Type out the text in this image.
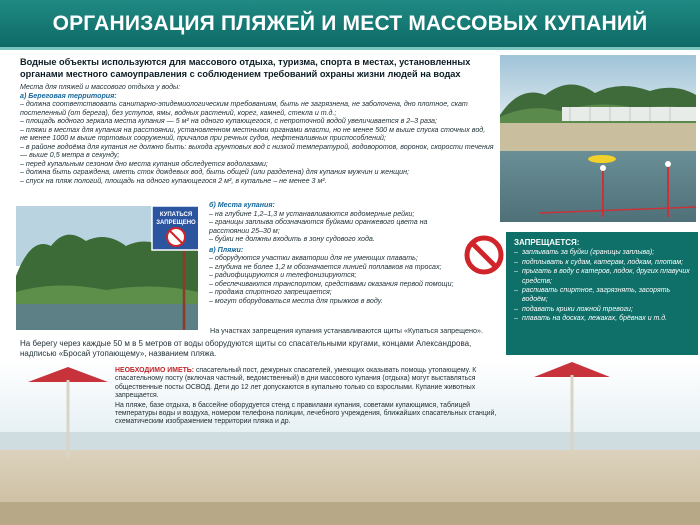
ОРГАНИЗАЦИЯ ПЛЯЖЕЙ И МЕСТ МАССОВЫХ КУПАНИЙ
Водные объекты используются для массового отдыха, туризма, спорта в местах, установленных органами местного самоуправления с соблюдением требований охраны жизни людей на водах

Места для пляжей и массового отдыха у воды:

а) Береговая территория:

– должна соответствовать санитарно-эпидемиологическим требованиям, быть не загрязнена, не заболочена, дно плотное, скат постепенный (от берега), без уступов, ямы, водных растений, корег, камней, стекла и т.д.;

– площадь водного зеркала места купания — 5 м² на одного купающегося, с непроточной водой увеличивается в 2–3 раза;

– пляжи в местах для купания на расстоянии, установленном местными органами власти, но не менее 500 м выше спуска сточных вод, не менее 1000 м выше портовых сооружений, причалов при речных судов, нефтеналивных приспособлений;

– в районе водоёма для купания не должно быть: выхода грунтовых вод с низкой температурой, водоворотов, воронок, скорости течения — выше 0,5 метра в секунду;

– перед купальным сезоном дно места купания обследуется водолазами;

– должна быть ограждена, иметь сток дождевых вод, быть общей (или разделена) для купания мужчин и женщин;

– спуск на пляж пологий, площадь на одного купающегося 2 м², в купальне – не менее 3 м².

КУПАТЬСЯ
ЗАПРЕЩЕНО

б) Места купания:

– на глубине 1,2–1,3 м устанавливаются водомерные рейки;

– границы заплыва обозначаются буйками оранжевого цвета на расстоянии 25–30 м;

– буйки не должны входить в зону судового хода.

в) Пляжи:

– оборудуются участки акватории для не умеющих плавать;

– глубина не более 1,2 м обозначается линией поплавков на тросах;

– радиофицируются и телефонизируются;

– обеспечиваются транспортом, средствами оказания первой помощи;

– продажа спиртного запрещается;

– могут оборудоваться места для прыжков в воду.

ЗАПРЕЩАЕТСЯ:
– заплывать за буйки (границы заплыва);
– подплывать к судам, катерам, лодкам, плотам;
– прыгать в воду с катеров, лодок, других плавучих средств;
– распивать спиртное, загрязнять, засорять водоём;
– подавать крики ложной тревоги;
– плавать на досках, лежаках, брёвнах и т.д.
На участках запрещения купания устанавливаются щиты «Купаться запрещено».
На берегу через каждые 50 м в 5 метров от воды оборудуются щиты со спасательными кругами, концами Александрова, надписью «Бросай утопающему», названием пляжа.

НЕОБХОДИМО ИМЕТЬ: спасательный пост, дежурных спасателей, умеющих оказывать помощь утопающему. К спасательному посту (включая частный, ведомственный) в дни массового купания (отдыха) могут выставляться общественные посты ОСВОД. Дети до 12 лет допускаются в купальню только со взрослыми. Купание животных запрещается.

На пляже, базе отдыха, в бассейне оборудуется стенд с правилами купания, советами купающимся, таблицей температуры воды и воздуха, номером телефона полиции, лечебного учреждения, ближайших спасательных станций, схематическим изображением территории пляжа и др.
